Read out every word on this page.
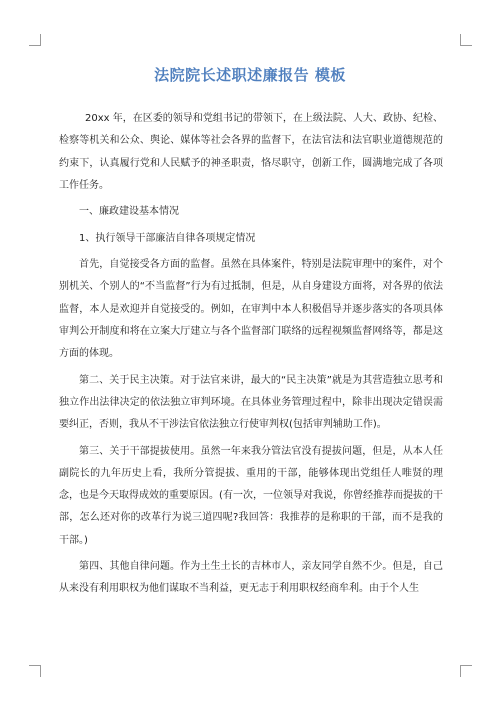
法院院长述职述廉报告 模板

20xx 年，在区委的领导和党组书记的带领下，在上级法院、人大、政协、纪检、检察等机关和公众、舆论、媒体等社会各界的监督下，在法官法和法官职业道德规范的约束下，认真履行党和人民赋予的神圣职责，恪尽职守，创新工作，圆满地完成了各项工作任务。

一、廉政建设基本情况

1、执行领导干部廉洁自律各项规定情况

首先，自觉接受各方面的监督。虽然在具体案件，特别是法院审理中的案件，对个别机关、个别人的“不当监督”行为有过抵制，但是，从自身建设方面将，对各界的依法监督，本人是欢迎并自觉接受的。例如，在审判中本人积极倡导并逐步落实的各项具体审判公开制度和将在立案大厅建立与各个监督部门联络的远程视频监督网络等，都是这方面的体现。

第二、关于民主决策。对于法官来讲，最大的“民主决策”就是为其营造独立思考和独立作出法律决定的依法独立审判环境。在具体业务管理过程中，除非出现决定错误需要纠正，否则，我从不干涉法官依法独立行使审判权(包括审判辅助工作)。

第三、关于干部提拔使用。虽然一年来我分管法官没有提拔问题，但是，从本人任副院长的九年历史上看，我所分管提拔、重用的干部，能够体现出党组任人唯贤的理念，也是今天取得成效的重要原因。(有一次，一位领导对我说，你曾经推荐而提拔的干部，怎么还对你的改革行为说三道四呢?我回答：我推荐的是称职的干部，而不是我的干部。)

第四、其他自律问题。作为土生土长的吉林市人，亲友同学自然不少。但是，自己从来没有利用职权为他们谋取不当利益，更无志于利用职权经商牟利。由于个人生
